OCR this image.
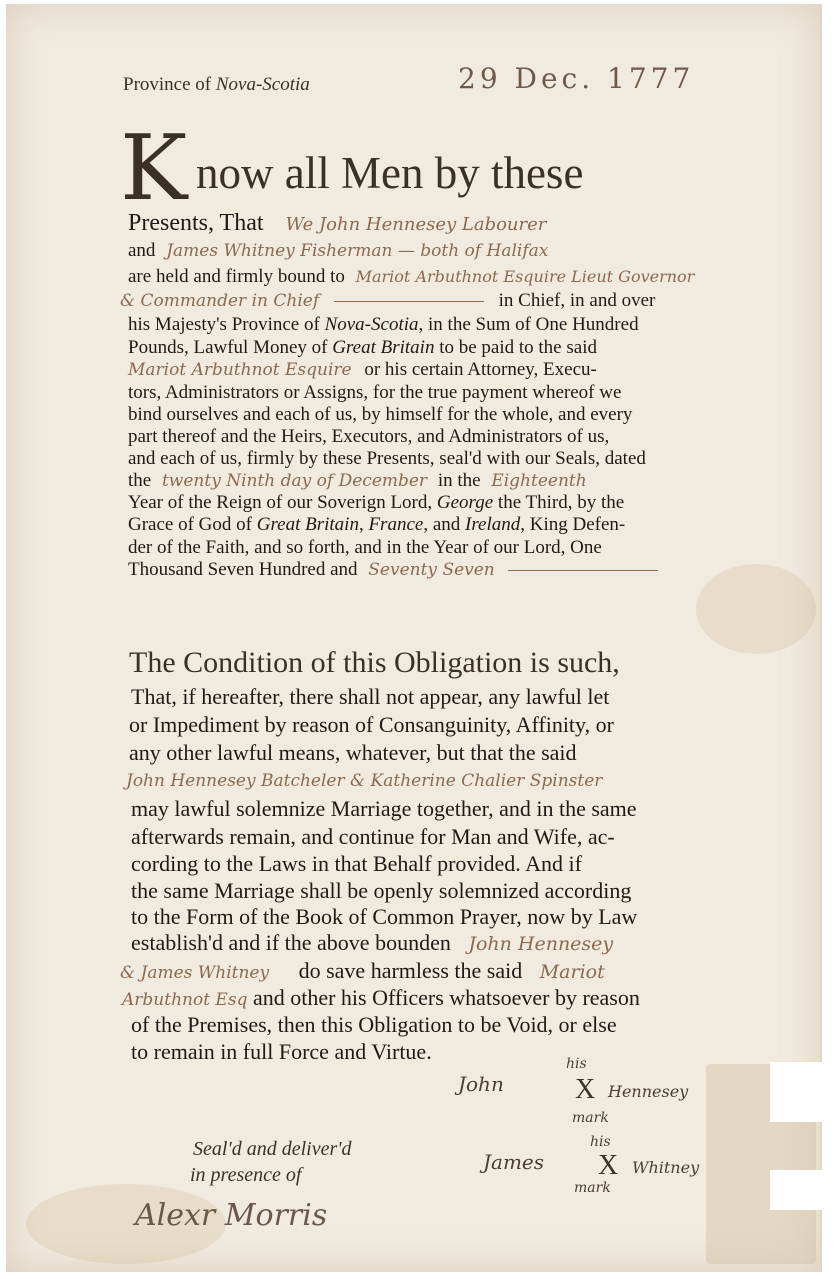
Province of Nova-Scotia	29 Dec. 1777
K now all Men by these
Presents, That We John Hennesey Labourer
and James Whitney Fisherman — both of Halifax
are held and firmly bound to Mariot Arbuthnot Esquire Lieut Governor
& Commander in Chief	in Chief, in and over
his Majesty's Province of Nova-Scotia, in the Sum of One Hundred
Pounds, Lawful Money of Great Britain to be paid to the said
Mariot Arbuthnot Esquire or his certain Attorney, Execu-
tors, Administrators or Assigns, for the true payment whereof we
bind ourselves and each of us, by himself for the whole, and every
part thereof and the Heirs, Executors, and Administrators of us,
and each of us, firmly by these Presents, seal'd with our Seals, dated
the twenty Ninth day of December in the Eighteenth
Year of the Reign of our Soverign Lord, George the Third, by the
Grace of God of Great Britain, France, and Ireland, King Defen-
der of the Faith, and so forth, and in the Year of our Lord, One
Thousand Seven Hundred and Seventy Seven
The Condition of this Obligation is such,
That, if hereafter, there shall not appear, any lawful let
or Impediment by reason of Consanguinity, Affinity, or
any other lawful means, whatever, but that the said
John Hennesey Batcheler & Katherine Chalier Spinster
may lawful solemnize Marriage together, and in the same
afterwards remain, and continue for Man and Wife, ac-
cording to the Laws in that Behalf provided. And if
the same Marriage shall be openly solemnized according
to the Form of the Book of Common Prayer, now by Law
establish'd and if the above bounden John Hennesey
& James Whitney do save harmless the said Mariot
Arbuthnot Esq and other his Officers whatsoever by reason
of the Premises, then this Obligation to be Void, or else
to remain in full Force and Virtue.
Seal'd and deliver'd
in presence of
Alexr Morris
John
his
X Hennesey
mark
James
his
X Whitney
mark
